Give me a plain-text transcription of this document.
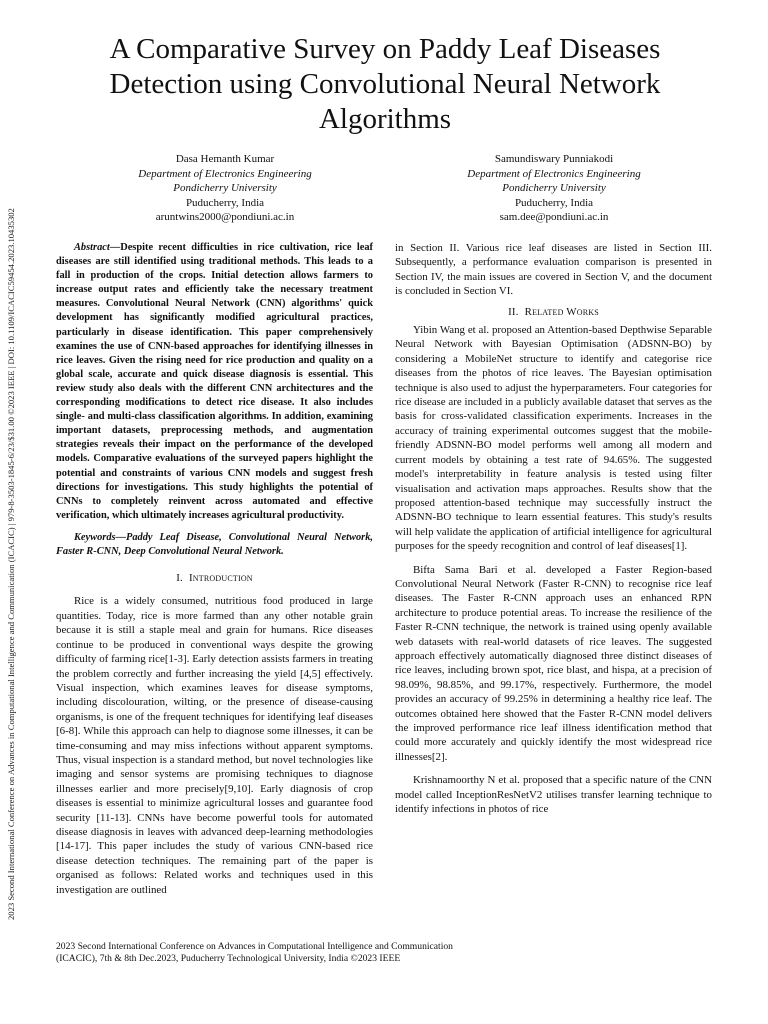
2023 Second International Conference on Advances in Computational Intelligence and Communication (ICACIC) | 979-8-3503-1845-6/23/$31.00 ©2023 IEEE | DOI: 10.1109/ICACIC59454.2023.10435302
A Comparative Survey on Paddy Leaf Diseases Detection using Convolutional Neural Network Algorithms
Dasa Hemanth Kumar
Department of Electronics Engineering
Pondicherry University
Puducherry, India
aruntwins2000@pondiuni.ac.in
Samundiswary Punniakodi
Department of Electronics Engineering
Pondicherry University
Puducherry, India
sam.dee@pondiuni.ac.in

Abstract—Despite recent difficulties in rice cultivation, rice leaf diseases are still identified using traditional methods. This leads to a fall in production of the crops. Initial detection allows farmers to increase output rates and efficiently take the necessary treatment measures. Convolutional Neural Network (CNN) algorithms' quick development has significantly modified agricultural practices, particularly in disease identification. This paper comprehensively examines the use of CNN-based approaches for identifying illnesses in rice leaves. Given the rising need for rice production and quality on a global scale, accurate and quick disease diagnosis is essential. This review study also deals with the different CNN architectures and the corresponding modifications to detect rice disease. It also includes single- and multi-class classification algorithms. In addition, examining important datasets, preprocessing methods, and augmentation strategies reveals their impact on the performance of the developed models. Comparative evaluations of the surveyed papers highlight the potential and constraints of various CNN models and suggest fresh directions for investigations. This study highlights the potential of CNNs to completely reinvent across automated and effective verification, which ultimately increases agricultural productivity.

Keywords—Paddy Leaf Disease, Convolutional Neural Network, Faster R-CNN, Deep Convolutional Neural Network.

I. Introduction

Rice is a widely consumed, nutritious food produced in large quantities. Today, rice is more farmed than any other notable grain because it is still a staple meal and grain for humans. Rice diseases continue to be produced in conventional ways despite the growing difficulty of farming rice[1-3]. Early detection assists farmers in treating the problem correctly and further increasing the yield [4,5] effectively. Visual inspection, which examines leaves for disease symptoms, including discolouration, wilting, or the presence of disease-causing organisms, is one of the frequent techniques for identifying leaf diseases [6-8]. While this approach can help to diagnose some illnesses, it can be time-consuming and may miss infections without apparent symptoms. Thus, visual inspection is a standard method, but novel technologies like imaging and sensor systems are promising techniques to diagnose illnesses earlier and more precisely[9,10]. Early diagnosis of crop diseases is essential to minimize agricultural losses and guarantee food security [11-13]. CNNs have become powerful tools for automated disease diagnosis in leaves with advanced deep-learning methodologies [14-17]. This paper includes the study of various CNN-based rice disease detection techniques. The remaining part of the paper is organised as follows: Related works and techniques used in this investigation are outlined

in Section II. Various rice leaf diseases are listed in Section III. Subsequently, a performance evaluation comparison is presented in Section IV, the main issues are covered in Section V, and the document is concluded in Section VI.

II. Related Works

Yibin Wang et al. proposed an Attention-based Depthwise Separable Neural Network with Bayesian Optimisation (ADSNN-BO) by considering a MobileNet structure to identify and categorise rice diseases from the photos of rice leaves. The Bayesian optimisation technique is also used to adjust the hyperparameters. Four categories for rice disease are included in a publicly available dataset that serves as the basis for cross-validated classification experiments. Increases in the accuracy of training experimental outcomes suggest that the mobile-friendly ADSNN-BO model performs well among all modern and current models by obtaining a test rate of 94.65%. The suggested model's interpretability in feature analysis is tested using filter visualisation and activation maps approaches. Results show that the proposed attention-based technique may successfully instruct the ADSNN-BO technique to learn essential features. This study's results will help validate the application of artificial intelligence for agricultural purposes for the speedy recognition and control of leaf diseases[1].

Bifta Sama Bari et al. developed a Faster Region-based Convolutional Neural Network (Faster R-CNN) to recognise rice leaf diseases. The Faster R-CNN approach uses an enhanced RPN architecture to produce potential areas. To increase the resilience of the Faster R-CNN technique, the network is trained using openly available web datasets with real-world datasets of rice leaves. The suggested approach effectively automatically diagnosed three distinct diseases of rice leaves, including brown spot, rice blast, and hispa, at a precision of 98.09%, 98.85%, and 99.17%, respectively. Furthermore, the model provides an accuracy of 99.25% in determining a healthy rice leaf. The outcomes obtained here showed that the Faster R-CNN model delivers the improved performance rice leaf illness identification method that could more accurately and quickly identify the most widespread rice illnesses[2].

Krishnamoorthy N et al. proposed that a specific nature of the CNN model called InceptionResNetV2 utilises transfer learning technique to identify infections in photos of rice

2023 Second International Conference on Advances in Computational Intelligence and Communication
(ICACIC), 7th & 8th Dec.2023, Puducherry Technological University, India ©2023 IEEE
